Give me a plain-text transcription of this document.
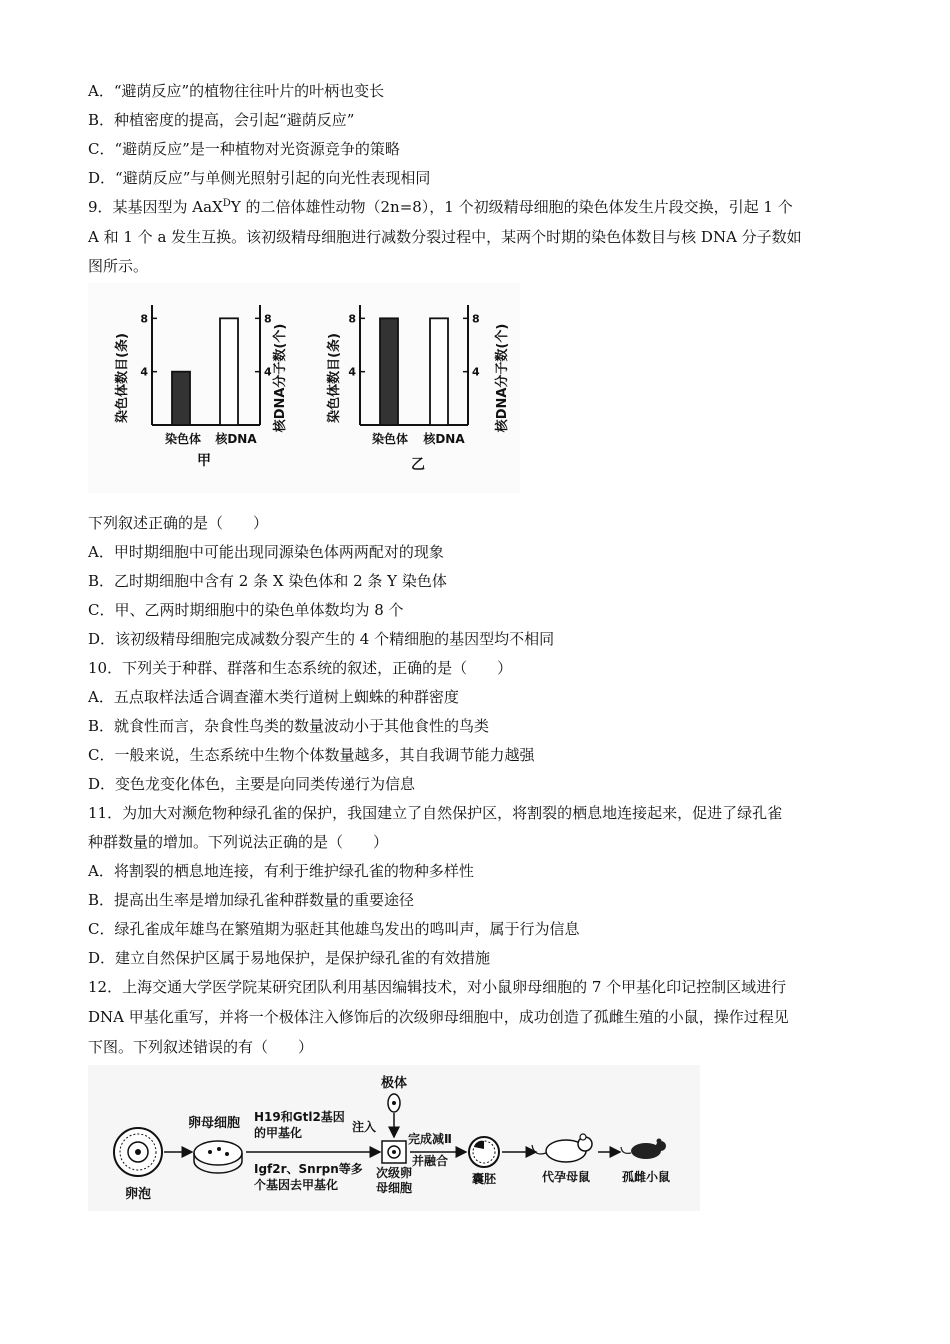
A．“避荫反应”的植物往往叶片的叶柄也变长
B．种植密度的提高，会引起“避荫反应”
C．“避荫反应”是一种植物对光资源竞争的策略
D．“避荫反应”与单侧光照射引起的向光性表现相同
9．某基因型为 AaX$^D$Y 的二倍体雄性动物（2n=8），1 个初级精母细胞的染色体发生片段交换，引起 1 个
A 和 1 个 a 发生互换。该初级精母细胞进行减数分裂过程中，某两个时期的染色体数目与核 DNA 分子数如
图所示。
染色体数目(条)	核DNA分子数(个)
染色体 核DNA
甲
4	4
8	8
染色体数目(条)	核DNA分子数(个)
染色体 核DNA
乙
4	4
8	8
下列叙述正确的是（　　）
A．甲时期细胞中可能出现同源染色体两两配对的现象
B．乙时期细胞中含有 2 条 X 染色体和 2 条 Y 染色体
C．甲、乙两时期细胞中的染色单体数均为 8 个
D．该初级精母细胞完成减数分裂产生的 4 个精细胞的基因型均不相同
10．下列关于种群、群落和生态系统的叙述，正确的是（　　）
A．五点取样法适合调查灌木类行道树上蜘蛛的种群密度
B．就食性而言，杂食性鸟类的数量波动小于其他食性的鸟类
C．一般来说，生态系统中生物个体数量越多，其自我调节能力越强
D．变色龙变化体色，主要是向同类传递行为信息
11．为加大对濒危物种绿孔雀的保护，我国建立了自然保护区，将割裂的栖息地连接起来，促进了绿孔雀
种群数量的增加。下列说法正确的是（　　）
A．将割裂的栖息地连接，有利于维护绿孔雀的物种多样性
B．提高出生率是增加绿孔雀种群数量的重要途径
C．绿孔雀成年雄鸟在繁殖期为驱赶其他雄鸟发出的鸣叫声，属于行为信息
D．建立自然保护区属于易地保护，是保护绿孔雀的有效措施
12．上海交通大学医学院某研究团队利用基因编辑技术，对小鼠卵母细胞的 7 个甲基化印记控制区域进行
DNA 甲基化重写，并将一个极体注入修饰后的次级卵母细胞中，成功创造了孤雌生殖的小鼠，操作过程见
下图。下列叙述错误的有（　　）
卵泡
卵母细胞 H19和Gtl2基因
的甲基化
Igf2r、Snrpn等多
个基因去甲基化
极体
注入
次级卵
母细胞
完成减Ⅱ
并融合
囊胚	代孕母鼠	孤雌小鼠
